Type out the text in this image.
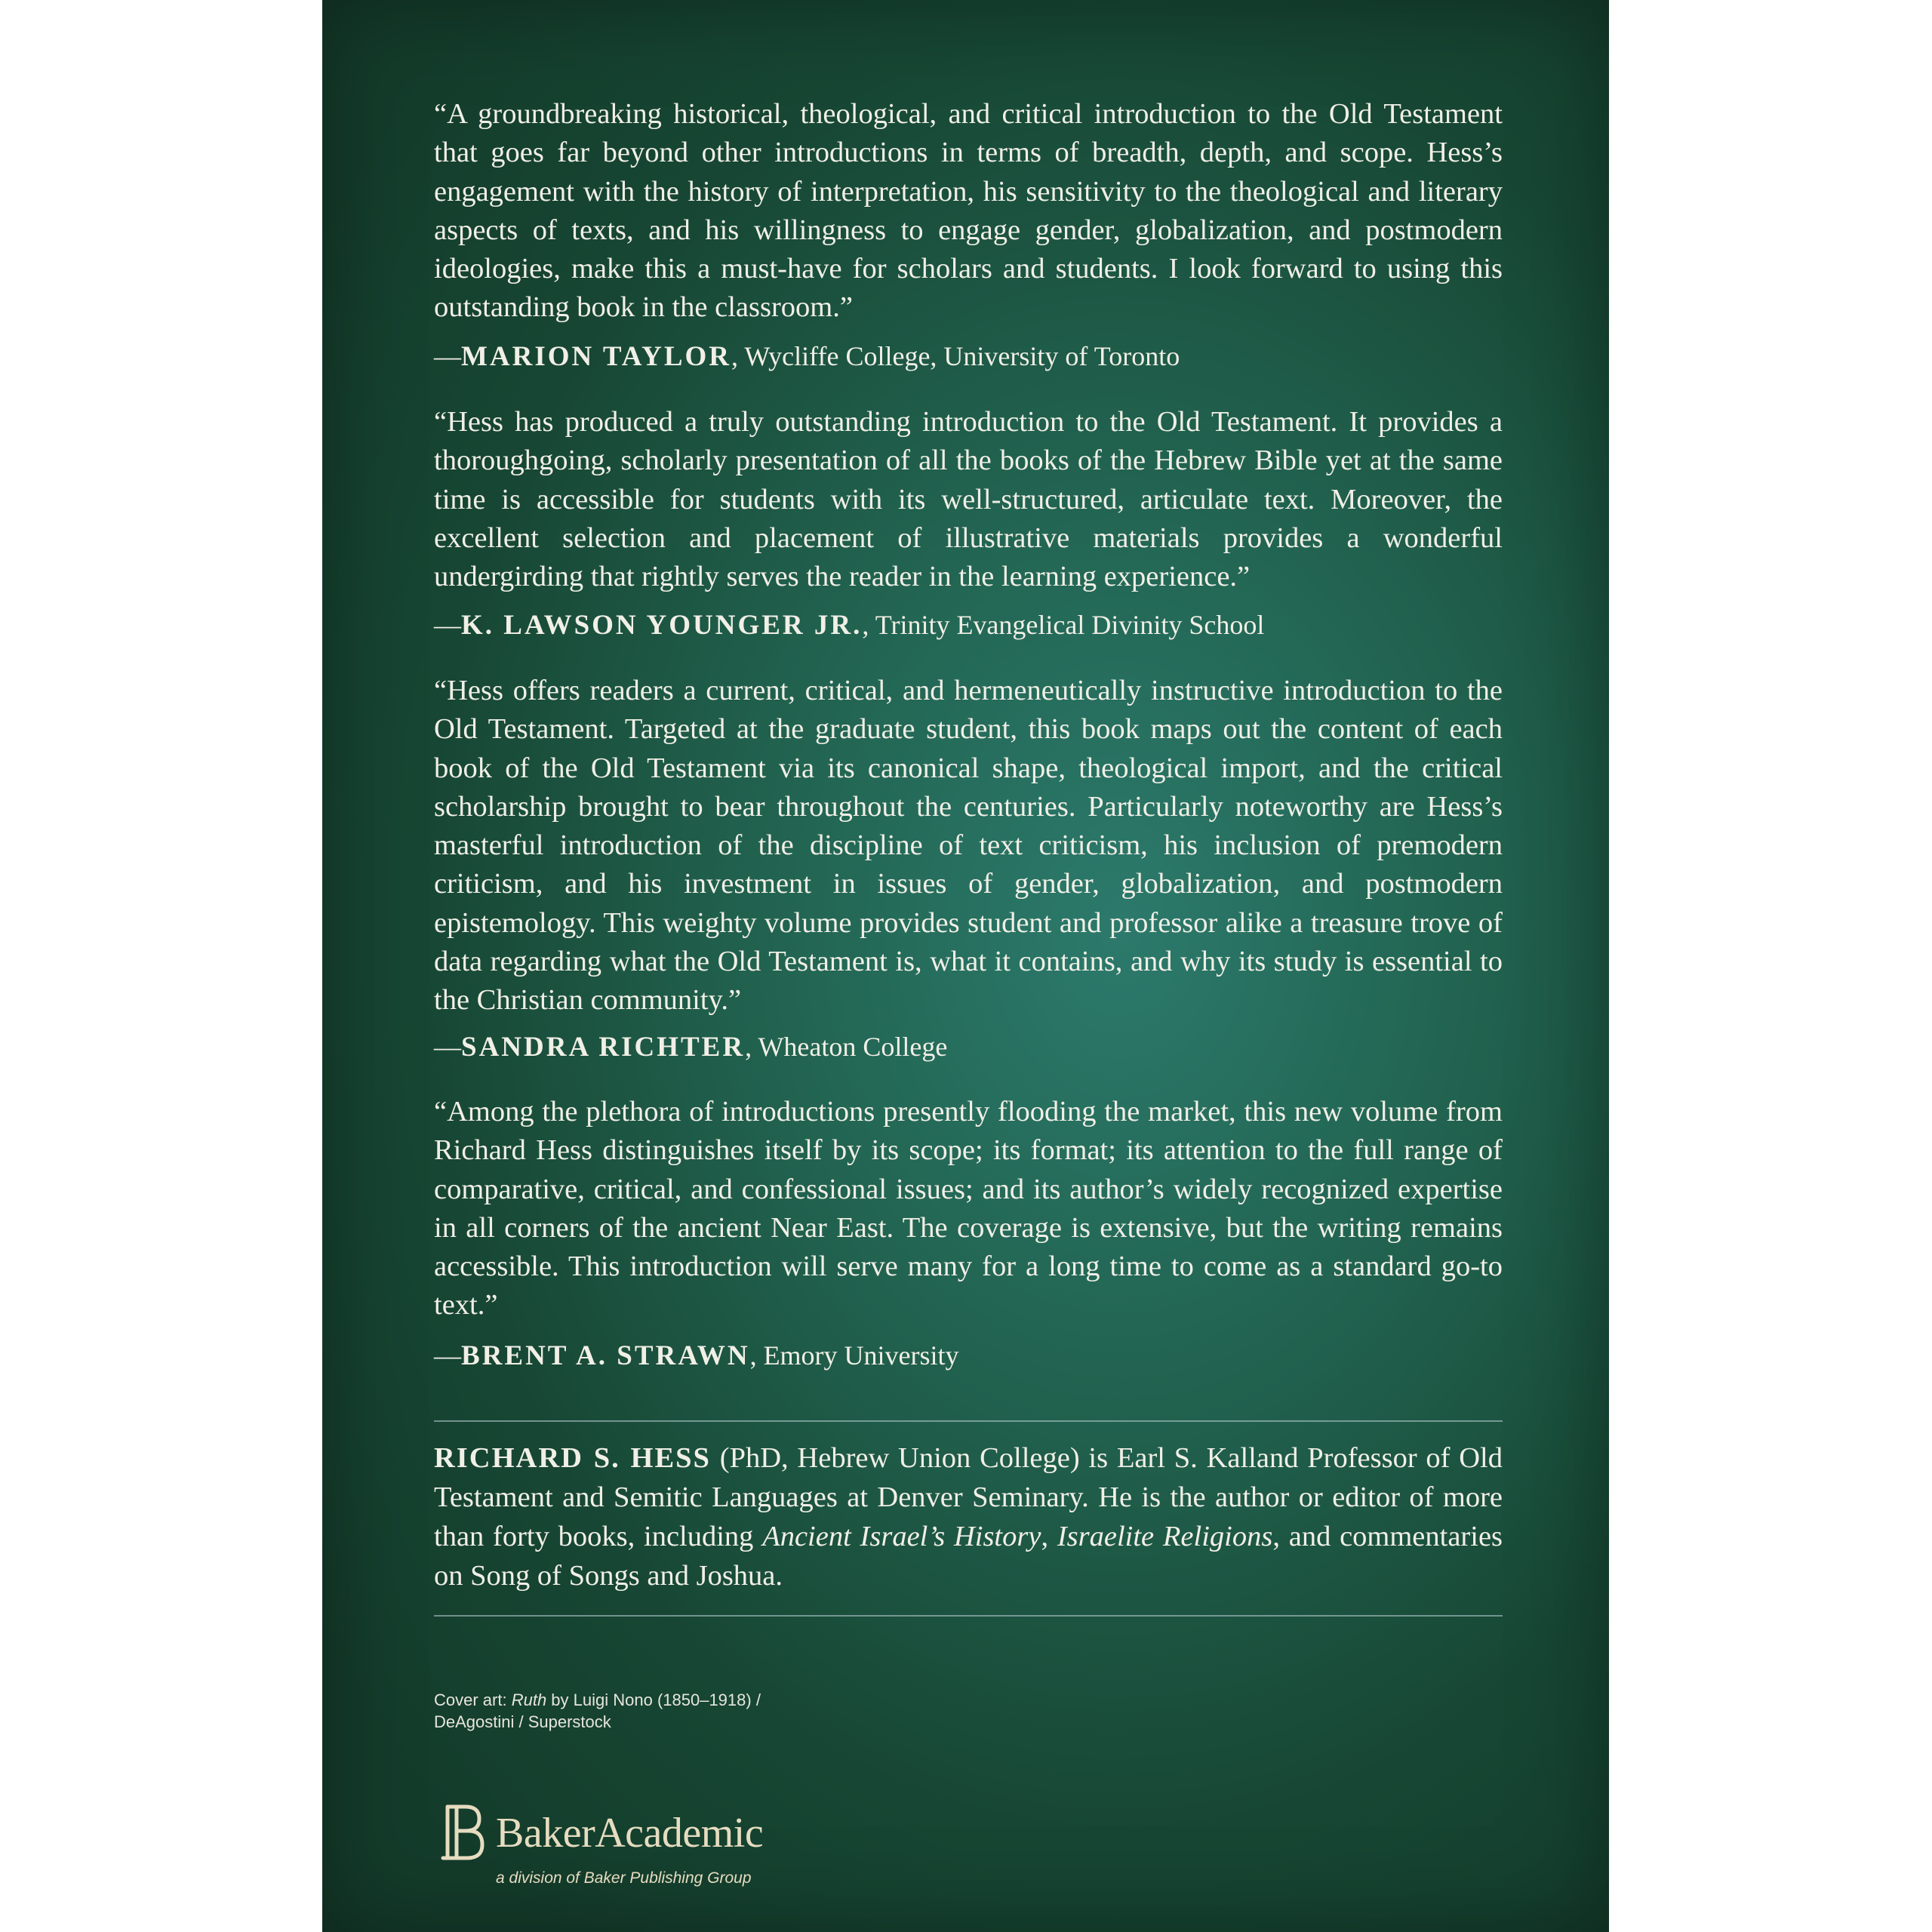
“A groundbreaking historical, theological, and critical introduction to the Old Testament that goes far beyond other introductions in terms of breadth, depth, and scope. Hess’s engagement with the history of interpretation, his sensitivity to the theological and literary aspects of texts, and his willingness to engage gender, globalization, and postmodern ideologies, make this a must-have for scholars and students. I look forward to using this outstanding book in the classroom.”

—MARION TAYLOR, Wycliffe College, University of Toronto

“Hess has produced a truly outstanding introduction to the Old Testament. It provides a thoroughgoing, scholarly presentation of all the books of the Hebrew Bible yet at the same time is accessible for students with its well-structured, articulate text. Moreover, the excellent selection and placement of illustrative materials provides a wonderful undergirding that rightly serves the reader in the learning experience.”

—K. LAWSON YOUNGER JR., Trinity Evangelical Divinity School

“Hess offers readers a current, critical, and hermeneutically instructive introduction to the Old Testament. Targeted at the graduate student, this book maps out the content of each book of the Old Testament via its canonical shape, theological import, and the critical scholarship brought to bear throughout the centuries. Particularly noteworthy are Hess’s masterful introduction of the discipline of text criticism, his inclusion of premodern criticism, and his investment in issues of gender, globalization, and postmodern epistemology. This weighty volume provides student and professor alike a treasure trove of data regarding what the Old Testament is, what it contains, and why its study is essential to the Christian community.”

—SANDRA RICHTER, Wheaton College

“Among the plethora of introductions presently flooding the market, this new volume from Richard Hess distinguishes itself by its scope; its format; its attention to the full range of comparative, critical, and confessional issues; and its author’s widely recognized expertise in all corners of the ancient Near East. The coverage is extensive, but the writing remains accessible. This introduction will serve many for a long time to come as a standard go-to text.”

—BRENT A. STRAWN, Emory University

RICHARD S. HESS (PhD, Hebrew Union College) is Earl S. Kalland Professor of Old Testament and Semitic Languages at Denver Seminary. He is the author or editor of more than forty books, including Ancient Israel’s History, Israelite Religions, and commentaries on Song of Songs and Joshua.

Cover art: Ruth by Luigi Nono (1850–1918) /
DeAgostini / Superstock
BakerAcademic
a division of Baker Publishing Group
